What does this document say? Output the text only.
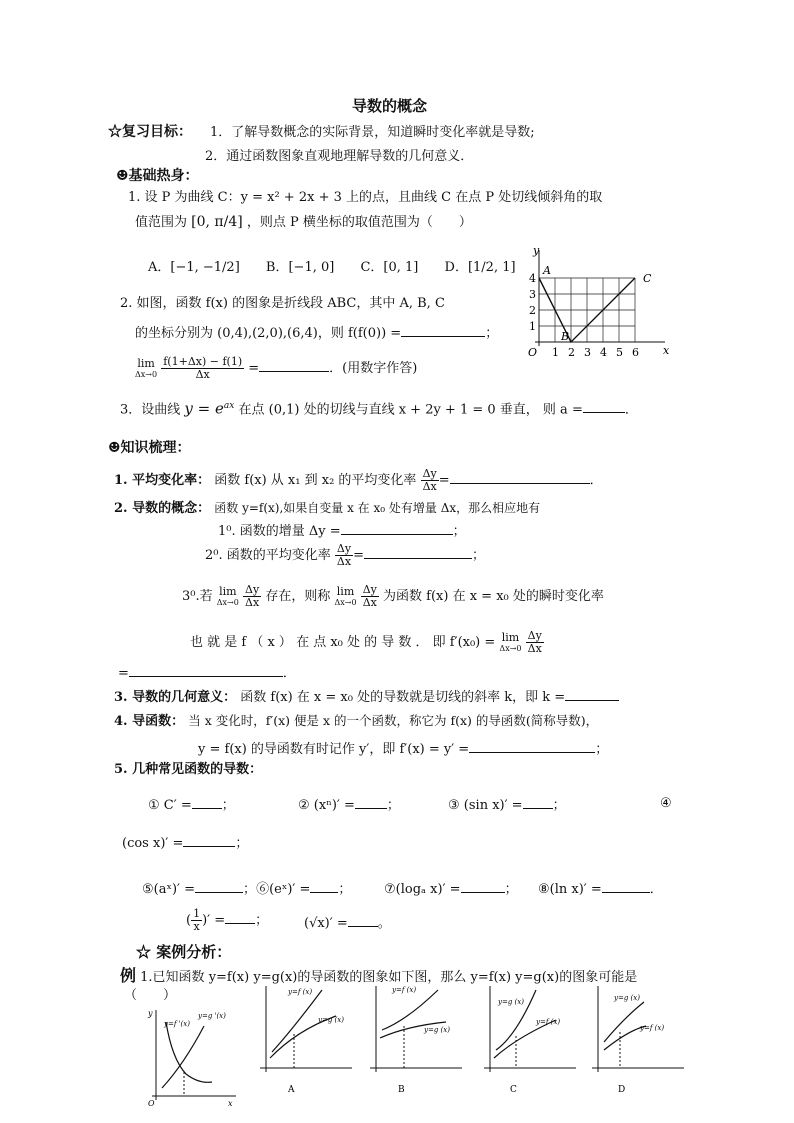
导数的概念
☆复习目标： 1．了解导数概念的实际背景，知道瞬时变化率就是导数;
2．通过函数图象直观地理解导数的几何意义．
☻基础热身：
1. 设 P 为曲线 C：y = x² + 2x + 3 上的点，且曲线 C 在点 P 处切线倾斜角的取
值范围为 [0, π/4] ，则点 P 横坐标的取值范围为（　　）
A．[−1, −1/2] B．[−1, 0] C．[0, 1] D．[1/2, 1]
2. 如图，函数 f(x) 的图象是折线段 ABC，其中 A, B, C
的坐标分别为 (0,4),(2,0),(6,4)，则 f(f(0)) =	；
lim
Δx→0
$\frac{f(1+\Delta x) - f(1)}{\Delta x}$ =	．(用数字作答)
3．设曲线 $y = e^{ax}$ 在点 (0,1) 处的切线与直线 x + 2y + 1 = 0 垂直， 则 a =	．
y
x
O
A
B
C
1 2 3 4 5 6
1
2
3
4
☻知识梳理：
1. 平均变化率： 函数 f(x) 从 x₁ 到 x₂ 的平均变化率 $\frac{\Delta y}{\Delta x}$ =	．
2. 导数的概念： 函数 y=f(x),如果自变量 x 在 x₀ 处有增量 Δx，那么相应地有
1⁰. 函数的增量 Δy =	；
2⁰. 函数的平均变化率 $\frac{\Delta y}{\Delta x}$ =	；
3⁰.若 lim
Δx→0
$\frac{\Delta y}{\Delta x}$ 存在，则称 lim
Δx→0
$\frac{\Delta y}{\Delta x}$ 为函数 f(x) 在 x = x₀ 处的瞬时变化率
也 就 是 f （ x ） 在 点 x₀ 处 的 导 数 ． 即 f′(x₀) = lim
Δx→0
$\frac{\Delta y}{\Delta x}$
=	．
3. 导数的几何意义： 函数 f(x) 在 x = x₀ 处的导数就是切线的斜率 k，即 k =
4. 导函数： 当 x 变化时，f′(x) 便是 x 的一个函数，称它为 f(x) 的导函数(简称导数)，
y = f(x) 的导函数有时记作 y′，即 f′(x) = y′ =	；
5. 几种常见函数的导数：
① C′ = ；	② (xⁿ)′ = ；	③ (sin x)′ = ；	④
(cos x)′ =	；
⑤(aˣ)′ =	；⑥(eˣ)′ = ；	⑦(logₐ x)′ =	； ⑧(ln x)′ =	．
( $\frac{1}{x}$ )′ = ；	(√x)′ = 。
☆ 案例分析：
例 1.已知函数 y=f(x) y=g(x)的导函数的图象如下图，那么 y=f(x) y=g(x)的图象可能是
（　　）
y=f '(x)
y=g '(x)
y
x
O
y=f (x)
y=g (x)
A
y=f (x)
y=g (x)
B
y=g (x)
y=f (x)
C
y=g (x)
y=f (x)
D
